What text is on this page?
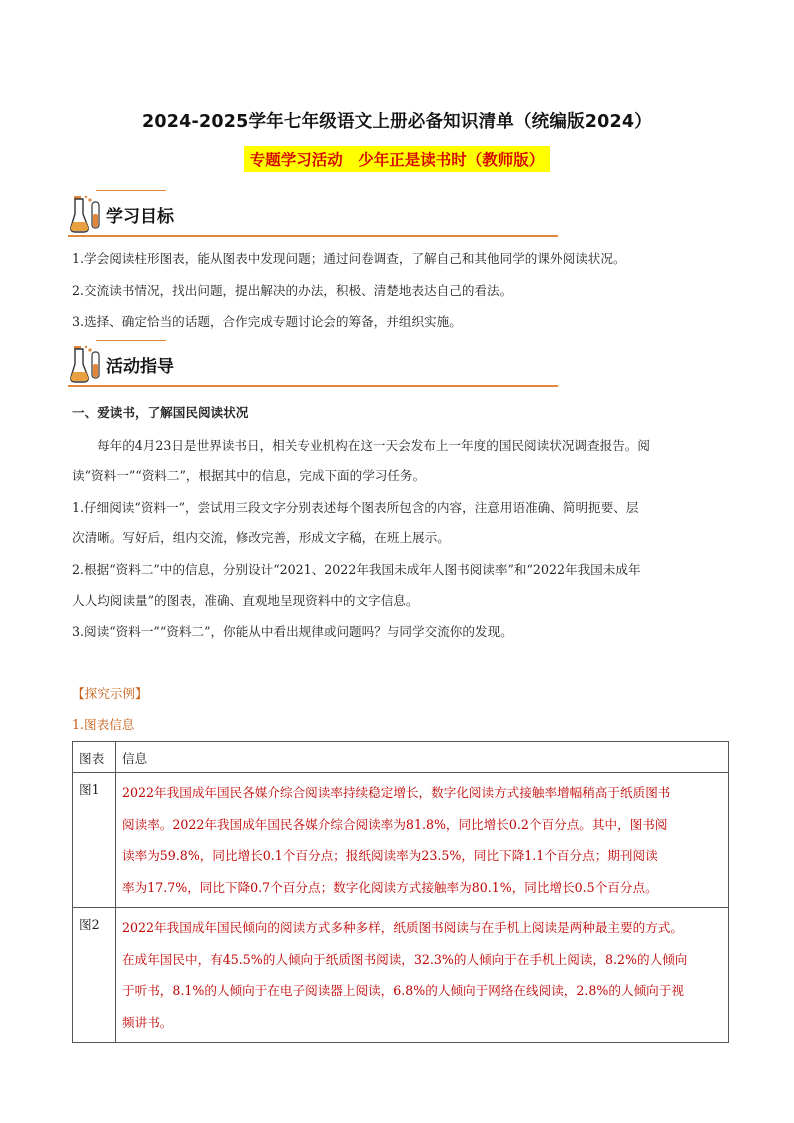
2024-2025学年七年级语文上册必备知识清单（统编版2024）
专题学习活动　少年正是读书时（教师版）
学习目标
1.学会阅读柱形图表，能从图表中发现问题；通过问卷调查，了解自己和其他同学的课外阅读状况。
2.交流读书情况，找出问题，提出解决的办法，积极、清楚地表达自己的看法。
3.选择、确定恰当的话题，合作完成专题讨论会的筹备，并组织实施。
活动指导
一、爱读书，了解国民阅读状况
每年的4月23日是世界读书日，相关专业机构在这一天会发布上一年度的国民阅读状况调查报告。阅
读“资料一”“资料二”，根据其中的信息，完成下面的学习任务。
1.仔细阅读“资料一”，尝试用三段文字分别表述每个图表所包含的内容，注意用语准确、简明扼要、层
次清晰。写好后，组内交流，修改完善，形成文字稿，在班上展示。
2.根据“资料二”中的信息，分别设计“2021、2022年我国未成年人图书阅读率”和“2022年我国未成年
人人均阅读量”的图表，准确、直观地呈现资料中的文字信息。
3.阅读“资料一”“资料二”，你能从中看出规律或问题吗？与同学交流你的发现。
【探究示例】
1.图表信息
图表	信息
图1	2022年我国成年国民各媒介综合阅读率持续稳定增长，数字化阅读方式接触率增幅稍高于纸质图书
阅读率。2022年我国成年国民各媒介综合阅读率为81.8%，同比增长0.2个百分点。其中，图书阅
读率为59.8%，同比增长0.1个百分点；报纸阅读率为23.5%，同比下降1.1个百分点；期刊阅读
率为17.7%，同比下降0.7个百分点；数字化阅读方式接触率为80.1%，同比增长0.5个百分点。

图2	2022年我国成年国民倾向的阅读方式多种多样，纸质图书阅读与在手机上阅读是两种最主要的方式。
在成年国民中，有45.5%的人倾向于纸质图书阅读，32.3%的人倾向于在手机上阅读，8.2%的人倾向
于听书，8.1%的人倾向于在电子阅读器上阅读，6.8%的人倾向于网络在线阅读，2.8%的人倾向于视
频讲书。
